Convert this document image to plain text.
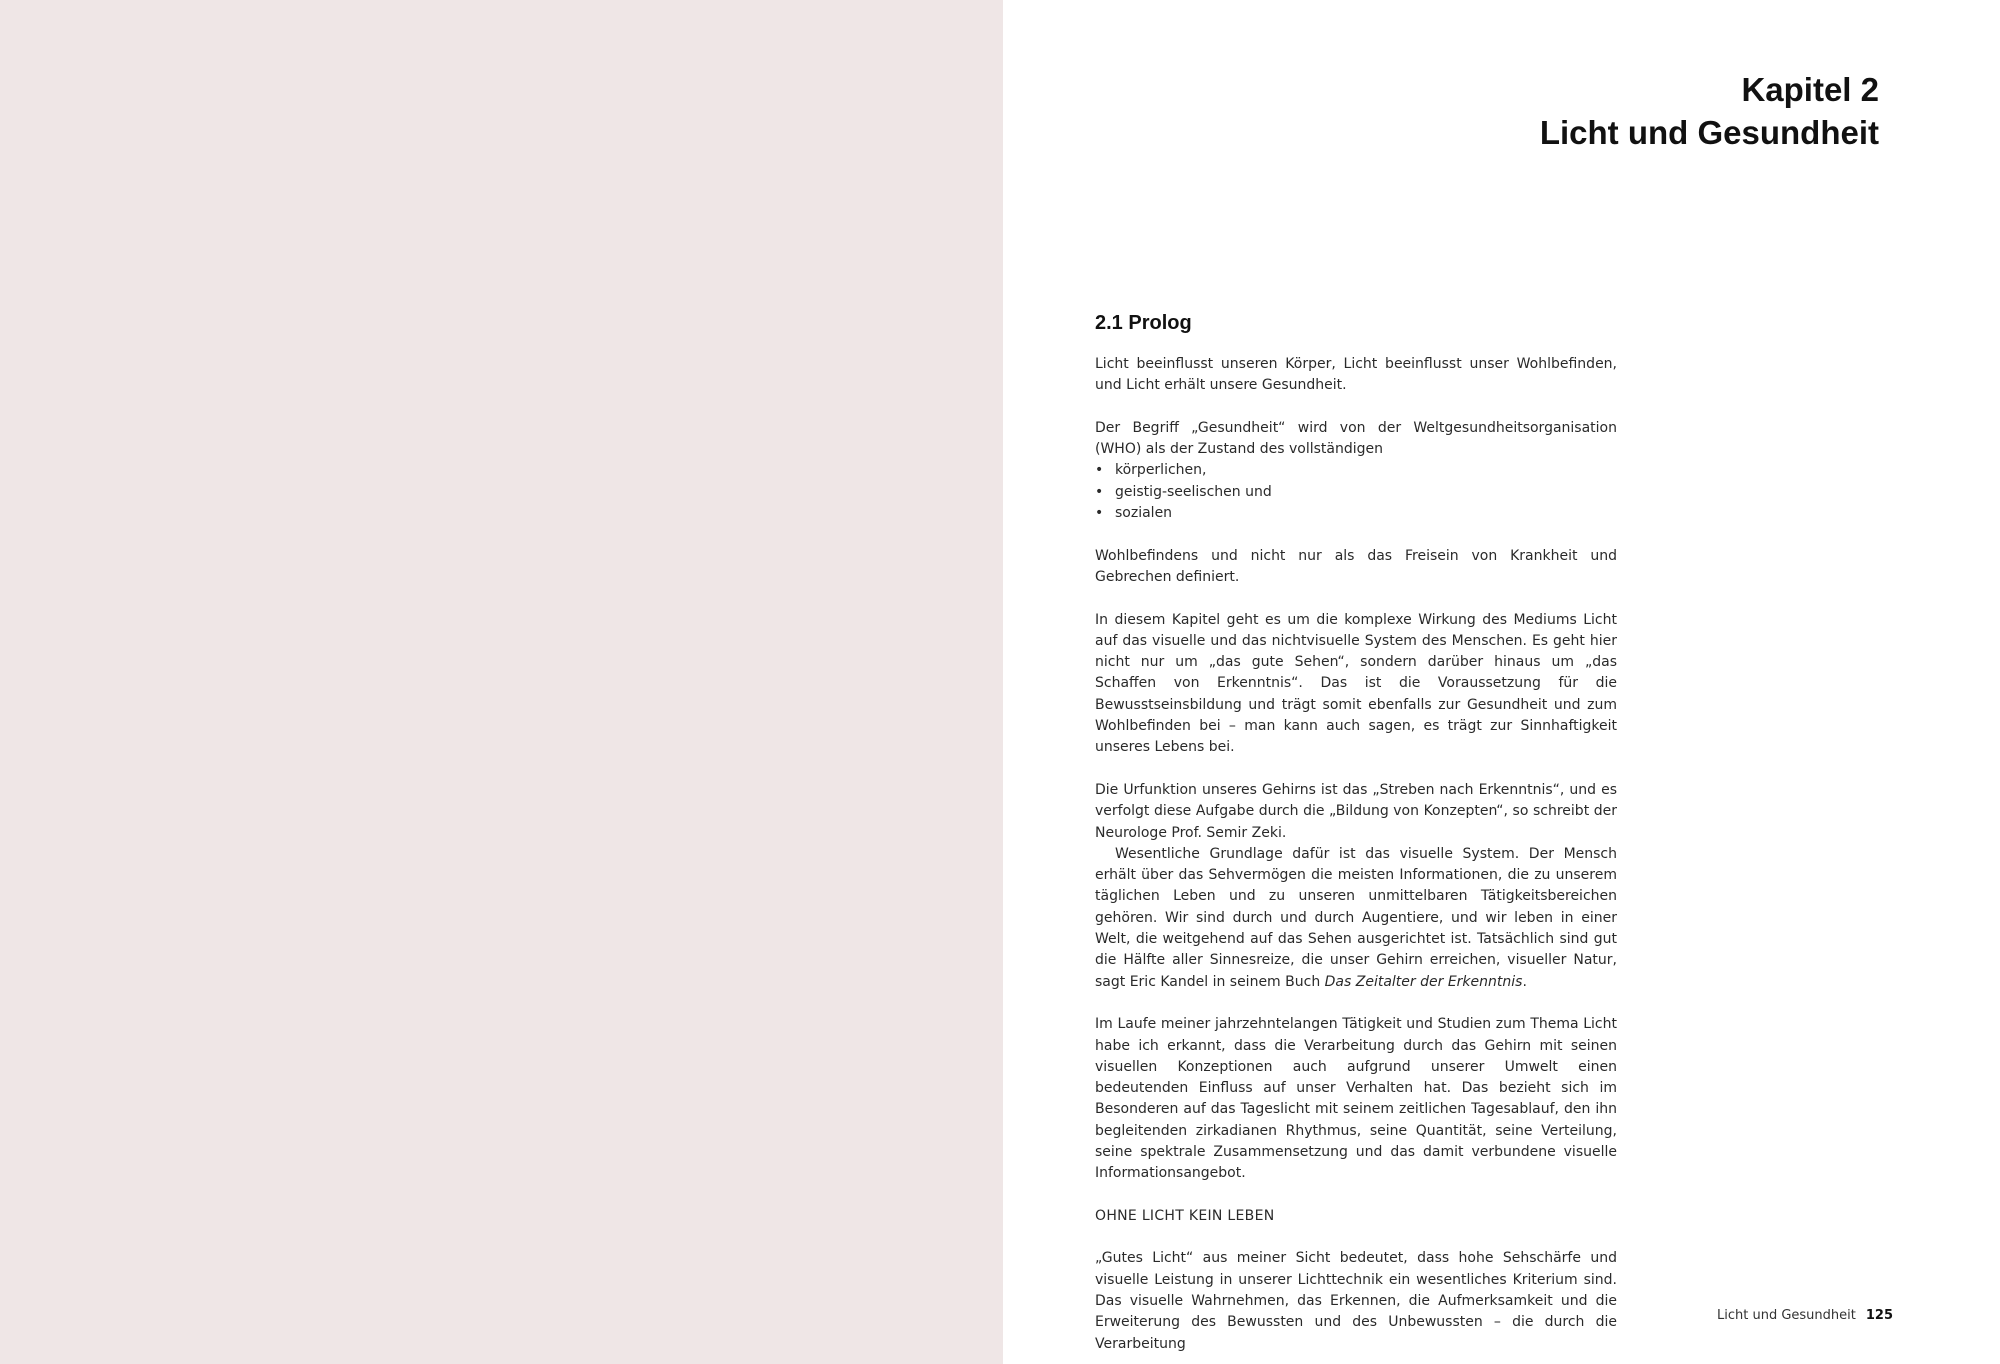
Kapitel 2
Licht und Gesundheit
2.1 Prolog

Licht beeinflusst unseren Körper, Licht beeinflusst unser Wohlbefinden, und Licht erhält unsere Gesundheit.

Der Begriff „Gesundheit“ wird von der Weltgesundheitsorganisation (WHO) als der Zustand des vollständigen

• körperlichen,
• geistig-seelischen und
• sozialen

Wohlbefindens und nicht nur als das Freisein von Krankheit und Gebrechen definiert.

In diesem Kapitel geht es um die komplexe Wirkung des Mediums Licht auf das visuelle und das nichtvisuelle System des Menschen. Es geht hier nicht nur um „das gute Sehen“, sondern darüber hinaus um „das Schaffen von Erkenntnis“. Das ist die Voraussetzung für die Bewusstseinsbildung und trägt somit ebenfalls zur Gesundheit und zum Wohlbefinden bei – man kann auch sagen, es trägt zur Sinnhaftigkeit unseres Lebens bei.

Die Urfunktion unseres Gehirns ist das „Streben nach Erkenntnis“, und es verfolgt diese Aufgabe durch die „Bildung von Konzepten“, so schreibt der Neurologe Prof. Semir Zeki.

Wesentliche Grundlage dafür ist das visuelle System. Der Mensch erhält über das Sehvermögen die meisten Informationen, die zu unserem täglichen Leben und zu unseren unmittelbaren Tätigkeitsbereichen gehören. Wir sind durch und durch Augentiere, und wir leben in einer Welt, die weitgehend auf das Sehen ausgerichtet ist. Tatsächlich sind gut die Hälfte aller Sinnesreize, die unser Gehirn erreichen, visueller Natur, sagt Eric Kandel in seinem Buch Das Zeitalter der Erkenntnis.

Im Laufe meiner jahrzehntelangen Tätigkeit und Studien zum Thema Licht habe ich erkannt, dass die Verarbeitung durch das Gehirn mit seinen visuellen Konzeptionen auch aufgrund unserer Umwelt einen bedeutenden Einfluss auf unser Verhalten hat. Das bezieht sich im Besonderen auf das Tageslicht mit seinem zeitlichen Tagesablauf, den ihn begleitenden zirkadianen Rhythmus, seine Quantität, seine Verteilung, seine spektrale Zusammensetzung und das damit verbundene visuelle Informationsangebot.

OHNE LICHT KEIN LEBEN

„Gutes Licht“ aus meiner Sicht bedeutet, dass hohe Sehschärfe und visuelle Leistung in unserer Lichttechnik ein wesentliches Kriterium sind. Das visuelle Wahrnehmen, das Erkennen, die Aufmerksamkeit und die Erweiterung des Bewussten und des Unbewussten – die durch die Verarbeitung

Licht und Gesundheit 125
